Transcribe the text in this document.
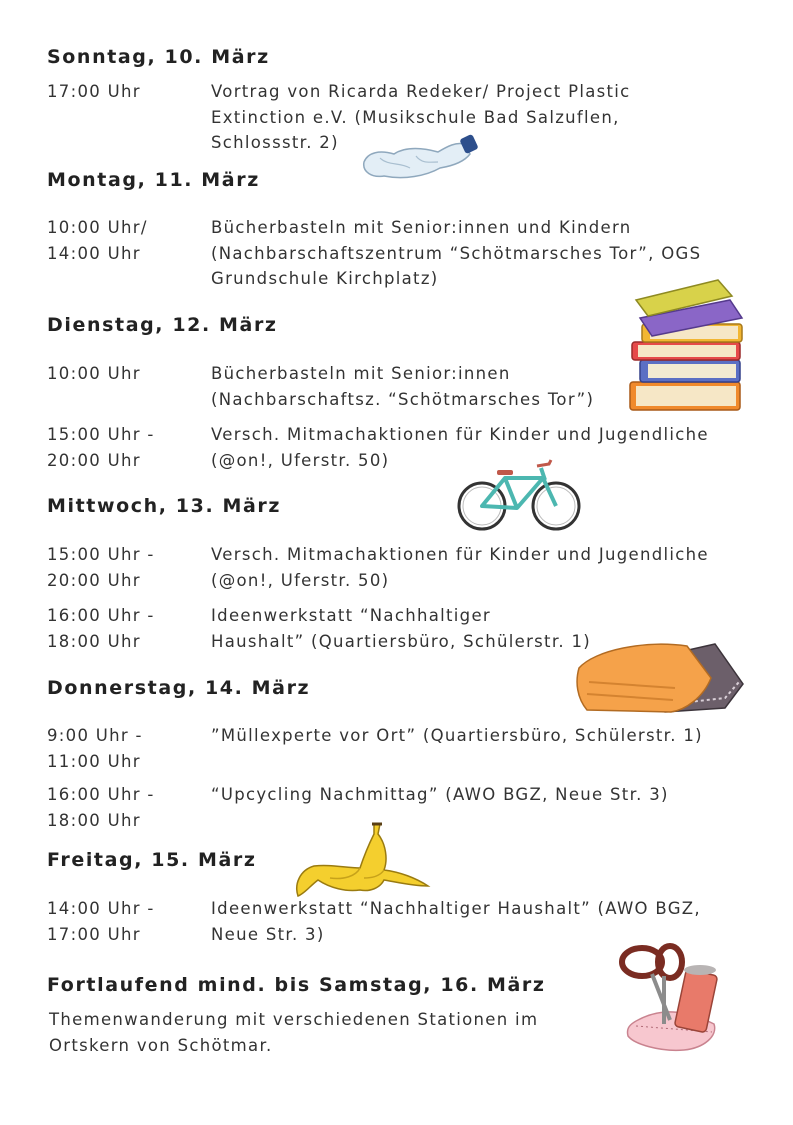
Sonntag, 10. März
17:00 Uhr	Vortrag von Ricarda Redeker/ Project Plastic
Extinction e.V. (Musikschule Bad Salzuflen,
Schlossstr. 2)
Montag, 11. März
10:00 Uhr/
14:00 Uhr
Bücherbasteln mit Senior:innen und Kindern
(Nachbarschaftszentrum “Schötmarsches Tor”, OGS
Grundschule Kirchplatz)
Dienstag, 12. März
10:00 Uhr	Bücherbasteln mit Senior:innen
(Nachbarschaftsz. “Schötmarsches Tor”)
15:00 Uhr -
20:00 Uhr
Versch. Mitmachaktionen für Kinder und Jugendliche
(@on!, Uferstr. 50)
Mittwoch, 13. März
15:00 Uhr -
20:00 Uhr
Versch. Mitmachaktionen für Kinder und Jugendliche
(@on!, Uferstr. 50)
16:00 Uhr -
18:00 Uhr
Ideenwerkstatt “Nachhaltiger
Haushalt” (Quartiersbüro, Schülerstr. 1)
Donnerstag, 14. März
9:00 Uhr -
11:00 Uhr
”Müllexperte vor Ort” (Quartiersbüro, Schülerstr. 1)
16:00 Uhr -
18:00 Uhr
“Upcycling Nachmittag” (AWO BGZ, Neue Str. 3)
Freitag, 15. März
14:00 Uhr -
17:00 Uhr
Ideenwerkstatt “Nachhaltiger Haushalt” (AWO BGZ,
Neue Str. 3)
Fortlaufend mind. bis Samstag, 16. März
Themenwanderung mit verschiedenen Stationen im
Ortskern von Schötmar.
